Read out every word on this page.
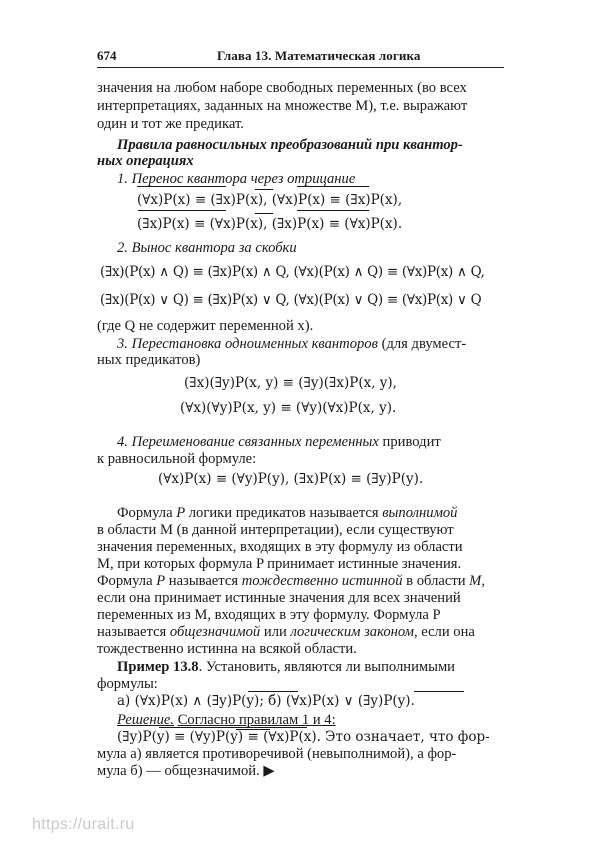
674	Глава 13. Математическая логика
значения на любом наборе свободных переменных (во всех
интерпретациях, заданных на множестве M), т.е. выражают
один и тот же предикат.
Правила равносильных преобразований при квантор-
ных операциях
1. Перенос квантора через отрицание
(∀x)P(x) ≡ (∃x)P(x), (∀x)P(x) ≡ (∃x)P(x),
(∃x)P(x) ≡ (∀x)P(x), (∃x)P(x) ≡ (∀x)P(x).
2. Вынос квантора за скобки
(∃x)(P(x) ∧ Q) ≡ (∃x)P(x) ∧ Q, (∀x)(P(x) ∧ Q) ≡ (∀x)P(x) ∧ Q,
(∃x)(P(x) ∨ Q) ≡ (∃x)P(x) ∨ Q, (∀x)(P(x) ∨ Q) ≡ (∀x)P(x) ∨ Q
(где Q не содержит переменной x).
3. Перестановка одноименных кванторов (для двумест-
ных предикатов)
(∃x)(∃y)P(x, y) ≡ (∃y)(∃x)P(x, y),
(∀x)(∀y)P(x, y) ≡ (∀y)(∀x)P(x, y).
4. Переименование связанных переменных приводит
к равносильной формуле:
(∀x)P(x) ≡ (∀y)P(y), (∃x)P(x) ≡ (∃y)P(y).
Формула P логики предикатов называется выполнимой
в области M (в данной интерпретации), если существуют
значения переменных, входящих в эту формулу из области
M, при которых формула P принимает истинные значения.
Формула P называется тождественно истинной в области M,
если она принимает истинные значения для всех значений
переменных из M, входящих в эту формулу. Формула P
называется общезначимой или логическим законом, если она
тождественно истинна на всякой области.
Пример 13.8. Установить, являются ли выполнимыми
формулы:
а) (∀x)P(x) ∧ (∃y)P(y); б) (∀x)P(x) ∨ (∃y)P(y).
Решение. Согласно правилам 1 и 4:
(∃y)P(y) ≡ (∀y)P(y) ≡ (∀x)P(x). Это означает, что фор-
мула а) является противоречивой (невыполнимой), а фор-
мула б) — общезначимой. ▶
https://urait.ru
